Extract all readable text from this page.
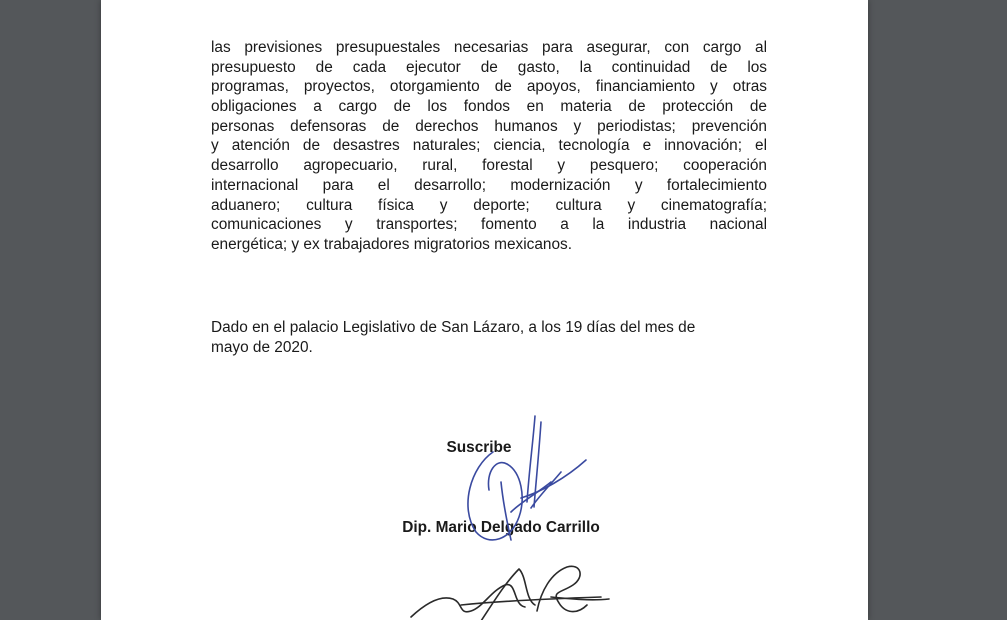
las previsiones presupuestales necesarias para asegurar, con cargo al
presupuesto de cada ejecutor de gasto, la continuidad de los
programas, proyectos, otorgamiento de apoyos, financiamiento y otras
obligaciones a cargo de los fondos en materia de protección de
personas defensoras de derechos humanos y periodistas; prevención
y atención de desastres naturales; ciencia, tecnología e innovación; el
desarrollo agropecuario, rural, forestal y pesquero; cooperación
internacional para el desarrollo; modernización y fortalecimiento
aduanero; cultura física y deporte; cultura y cinematografía;
comunicaciones y transportes; fomento a la industria nacional
energética; y ex trabajadores migratorios mexicanos.
Dado en el palacio Legislativo de San Lázaro, a los 19 días del mes de
mayo de 2020.
Suscribe
Dip. Mario Delgado Carrillo
